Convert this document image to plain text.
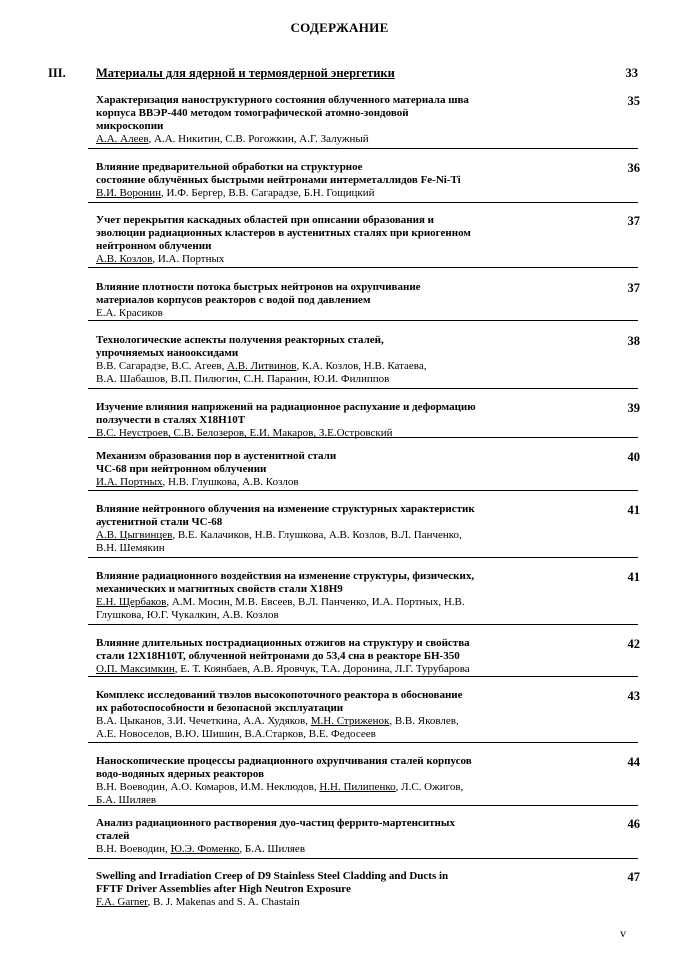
СОДЕРЖАНИЕ
III. Материалы для ядерной и термоядерной энергетики	33
Характеризация наноструктурного состояния облученного материала шва
корпуса ВВЭР-440 методом томографической атомно-зондовой
микроскопии
А.А. Алеев, А.А. Никитин, С.В. Рогожкин, А.Г. Залужный
35
Влияние предварительной обработки на структурное
состояние облучённых быстрыми нейтронами интерметаллидов Fe-Ni-Ti
В.И. Воронин, И.Ф. Бергер, В.В. Сагарадзе, Б.Н. Гощицкий
36
Учет перекрытия каскадных областей при описании образования и
эволюции радиационных кластеров в аустенитных сталях при криогенном
нейтронном облучении
А.В. Козлов, И.А. Портных
37
Влияние плотности потока быстрых нейтронов на охрупчивание
материалов корпусов реакторов с водой под давлением
Е.А. Красиков
37
Технологические аспекты получения реакторных сталей,
упрочняемых нанооксидами
В.В. Сагарадзе, В.С. Агеев, А.В. Литвинов, К.А. Козлов, Н.В. Катаева,
В.А. Шабашов, В.П. Пилюгин, С.Н. Паранин, Ю.И. Филиппов
38
Изучение влияния напряжений на радиационное распухание и деформацию
ползучести в сталях Х18Н10Т
В.С. Неустроев, С.В. Белозеров, Е.И. Макаров, З.Е.Островский
39
Механизм образования пор в аустенитной стали
ЧС-68 при нейтронном облучении
И.А. Портных, Н.В. Глушкова, А.В. Козлов
40
Влияние нейтронного облучения на изменение структурных характеристик
аустенитной стали ЧС-68
А.В. Цыгвинцев, В.Е. Калачиков, Н.В. Глушкова, А.В. Козлов, В.Л. Панченко,
В.Н. Шемякин
41
Влияние радиационного воздействия на изменение структуры, физических,
механических и магнитных свойств стали Х18Н9
Е.Н. Щербаков, А.М. Мосин, М.В. Евсеев, В.Л. Панченко, И.А. Портных, Н.В.
Глушкова, Ю.Г. Чукалкин, А.В. Козлов
41
Влияние длительных пострадиационных отжигов на структуру и свойства
стали 12Х18Н10Т, облученной нейтронами до 53,4 сна в реакторе БН-350
О.П. Максимкин, Е. Т. Коянбаев, А.В. Яровчук, Т.А. Доронина, Л.Г. Турубарова
42
Комплекс исследований твэлов высокопоточного реактора в обоснование
их работоспособности и безопасной эксплуатации
В.А. Цыканов, З.И. Чечеткина, А.А. Худяков, М.Н. Стриженок, В.В. Яковлев,
А.Е. Новоселов, В.Ю. Шишин, В.А.Старков, В.Е. Федосеев
43
Наноскопические процессы радиационного охрупчивания сталей корпусов
водо-водяных ядерных реакторов
В.Н. Воеводин, А.О. Комаров, И.М. Неклюдов, Н.Н. Пилипенко, Л.С. Ожигов,
Б.А. Шиляев
44
Анализ радиационного растворения дуо-частиц феррито-мартенситных
сталей
В.Н. Воеводин, Ю.Э. Фоменко, Б.А. Шиляев
46
Swelling and Irradiation Creep of D9 Stainless Steel Cladding and Ducts in
FFTF Driver Assemblies after High Neutron Exposure
F.A. Garner, B. J. Makenas and S. A. Chastain
47
v
